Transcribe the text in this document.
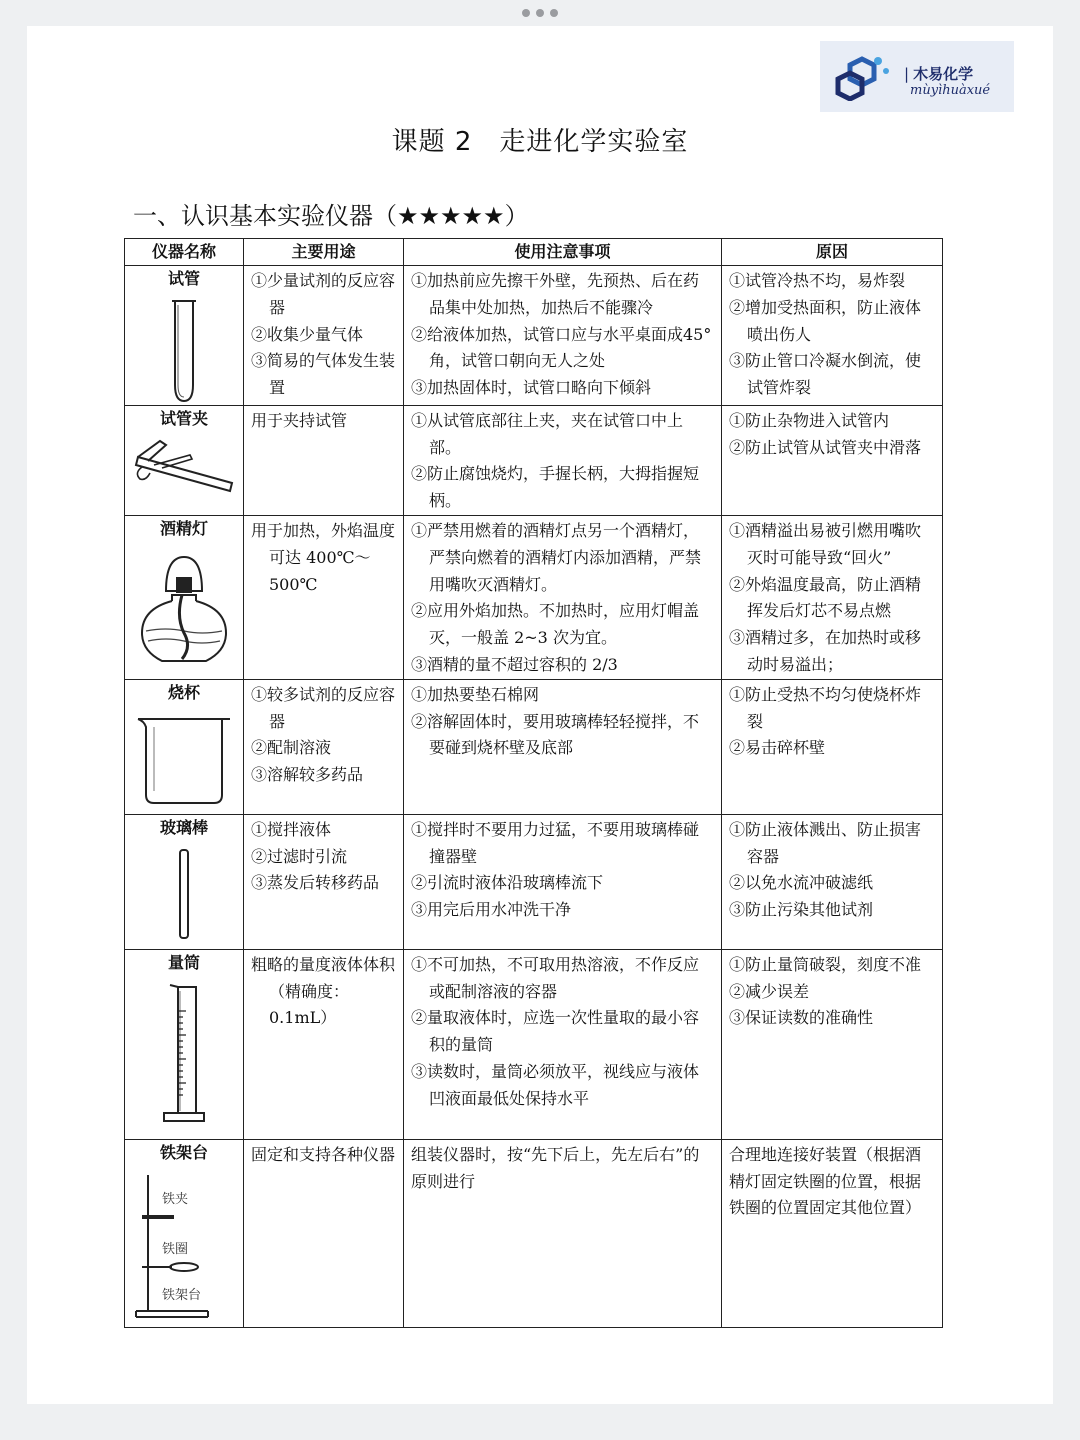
| 木易化学
mùyìhuàxué
课题 2　走进化学实验室
一、认识基本实验仪器（★★★★★）
仪器名称	主要用途	使用注意事项	原因

试管	①少量试剂的反应容器
②收集少量气体
③简易的气体发生装置	①加热前应先擦干外壁，先预热、后在药品集中处加热，加热后不能骤冷
②给液体加热，试管口应与水平桌面成45°角，试管口朝向无人之处
③加热固体时，试管口略向下倾斜	①试管冷热不均，易炸裂
②增加受热面积，防止液体喷出伤人
③防止管口冷凝水倒流，使试管炸裂

试管夹	用于夹持试管	①从试管底部往上夹，夹在试管口中上部。
②防止腐蚀烧灼，手握长柄，大拇指握短柄。	①防止杂物进入试管内
②防止试管从试管夹中滑落

酒精灯	用于加热，外焰温度可达 400℃～500℃	①严禁用燃着的酒精灯点另一个酒精灯，严禁向燃着的酒精灯内添加酒精，严禁用嘴吹灭酒精灯。
②应用外焰加热。不加热时，应用灯帽盖灭，一般盖 2~3 次为宜。
③酒精的量不超过容积的 2/3	①酒精溢出易被引燃用嘴吹灭时可能导致“回火”
②外焰温度最高，防止酒精挥发后灯芯不易点燃
③酒精过多，在加热时或移动时易溢出；

烧杯	①较多试剂的反应容器
②配制溶液
③溶解较多药品	①加热要垫石棉网
②溶解固体时，要用玻璃棒轻轻搅拌，不要碰到烧杯壁及底部	①防止受热不均匀使烧杯炸裂
②易击碎杯壁

玻璃棒	①搅拌液体
②过滤时引流
③蒸发后转移药品	①搅拌时不要用力过猛，不要用玻璃棒碰撞器壁
②引流时液体沿玻璃棒流下
③用完后用水冲洗干净	①防止液体溅出、防止损害容器
②以免水流冲破滤纸
③防止污染其他试剂

量筒	粗略的量度液体体积 （精确度：0.1mL）	①不可加热，不可取用热溶液，不作反应或配制溶液的容器
②量取液体时，应选一次性量取的最小容积的量筒
③读数时，量筒必须放平，视线应与液体凹液面最低处保持水平	①防止量筒破裂，刻度不准
②减少误差
③保证读数的准确性

铁架台
铁夹
铁圈
铁架台	固定和支持各种仪器	组装仪器时，按“先下后上，先左后右”的原则进行	合理地连接好装置（根据酒精灯固定铁圈的位置，根据铁圈的位置固定其他位置）
